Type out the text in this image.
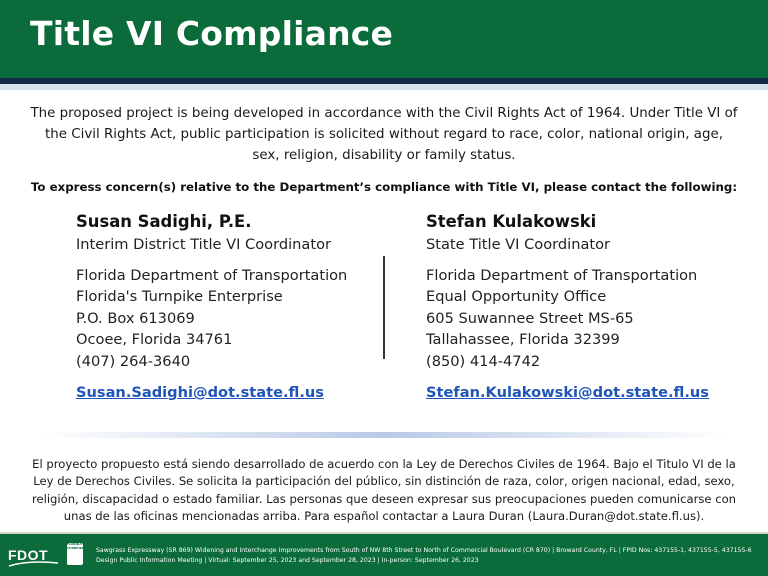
Title VI Compliance
The proposed project is being developed in accordance with the Civil Rights Act of 1964. Under Title VI of the Civil Rights Act, public participation is solicited without regard to race, color, national origin, age, sex, religion, disability or family status.
To express concern(s) relative to the Department’s compliance with Title VI, please contact the following:
Susan Sadighi, P.E.
Interim District Title VI Coordinator
Florida Department of Transportation
Florida's Turnpike Enterprise
P.O. Box 613069
Ocoee, Florida 34761
(407) 264-3640
Susan.Sadighi@dot.state.fl.us
Stefan Kulakowski
State Title VI Coordinator
Florida Department of Transportation
Equal Opportunity Office
605 Suwannee Street MS-65
Tallahassee, Florida 32399
(850) 414-4742
Stefan.Kulakowski@dot.state.fl.us
El proyecto propuesto está siendo desarrollado de acuerdo con la Ley de Derechos Civiles de 1964. Bajo el Titulo VI de la Ley de Derechos Civiles. Se solicita la participación del público, sin distinción de raza, color, origen nacional, edad, sexo, religión, discapacidad o estado familiar. Las personas que deseen expresar sus preocupaciones pueden comunicarse con unas de las oficinas mencionadas arriba. Para español contactar a Laura Duran (Laura.Duran@dot.state.fl.us).
FDOT
FLORIDA'S TURNPIKE Sawgrass Expressway (SR 869) Widening and Interchange Improvements from South of NW 8th Street to North of Commercial Boulevard (CR 870) | Broward County, FL | FPID Nos: 437155-1, 437155-5, 437155-6
Design Public Information Meeting | Virtual: September 25, 2023 and September 28, 2023 | In-person: September 26, 2023
